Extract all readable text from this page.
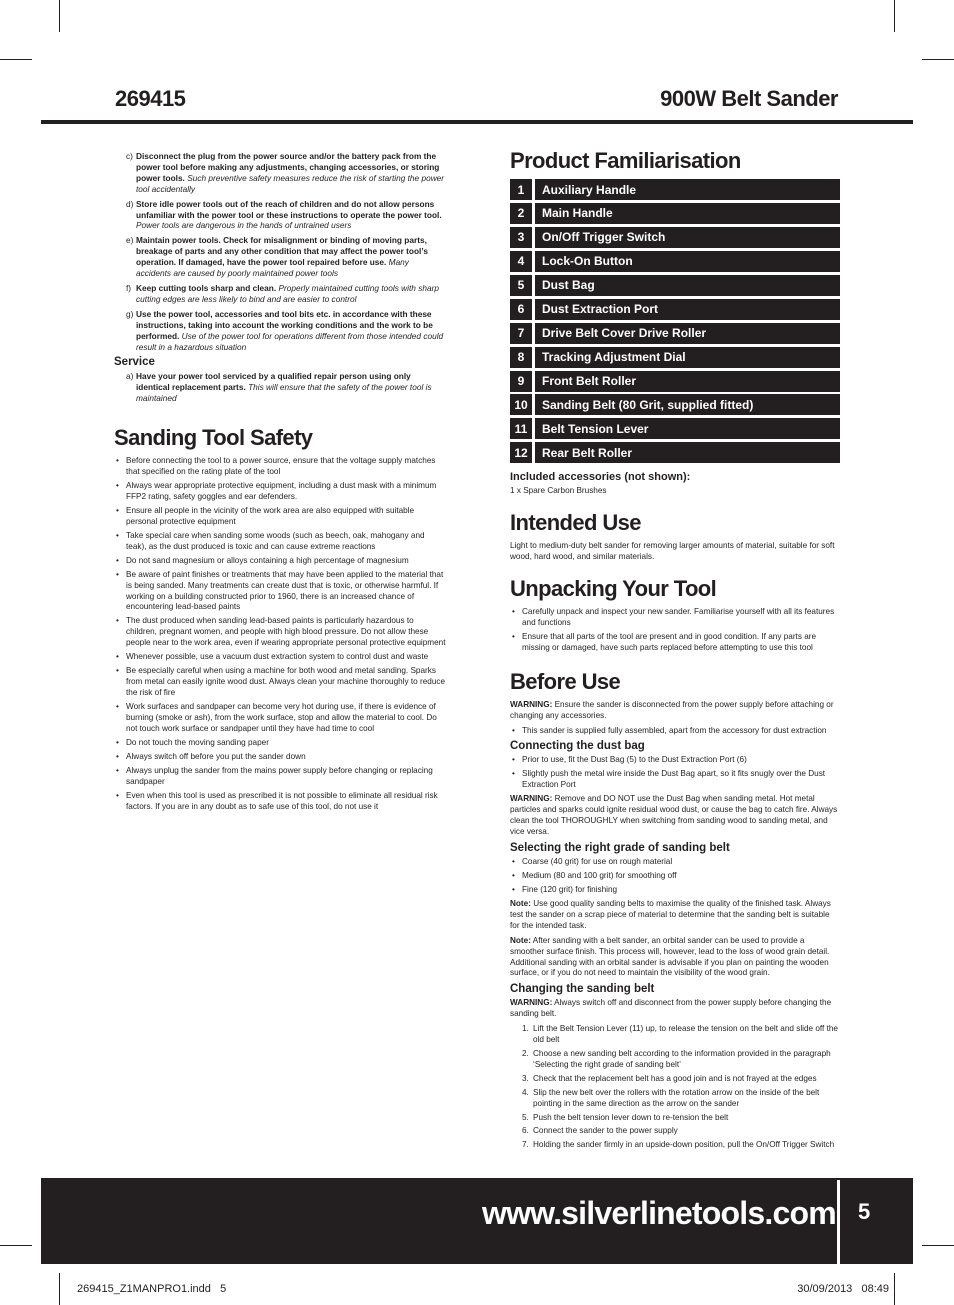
269415	900W Belt Sander
c) Disconnect the plug from the power source and/or the battery pack from the power tool before making any adjustments, changing accessories, or storing power tools. Such preventive safety measures reduce the risk of starting the power tool accidentally
d) Store idle power tools out of the reach of children and do not allow persons unfamiliar with the power tool or these instructions to operate the power tool. Power tools are dangerous in the hands of untrained users
e) Maintain power tools. Check for misalignment or binding of moving parts, breakage of parts and any other condition that may affect the power tool’s operation. If damaged, have the power tool repaired before use. Many accidents are caused by poorly maintained power tools
f) Keep cutting tools sharp and clean. Properly maintained cutting tools with sharp cutting edges are less likely to bind and are easier to control
g) Use the power tool, accessories and tool bits etc. in accordance with these instructions, taking into account the working conditions and the work to be performed. Use of the power tool for operations different from those intended could result in a hazardous situation
Service
a) Have your power tool serviced by a qualified repair person using only identical replacement parts. This will ensure that the safety of the power tool is maintained
Sanding Tool Safety
• Before connecting the tool to a power source, ensure that the voltage supply matches that specified on the rating plate of the tool
• Always wear appropriate protective equipment, including a dust mask with a minimum FFP2 rating, safety goggles and ear defenders.
• Ensure all people in the vicinity of the work area are also equipped with suitable personal protective equipment
• Take special care when sanding some woods (such as beech, oak, mahogany and teak), as the dust produced is toxic and can cause extreme reactions
• Do not sand magnesium or alloys containing a high percentage of magnesium
• Be aware of paint finishes or treatments that may have been applied to the material that is being sanded. Many treatments can create dust that is toxic, or otherwise harmful. If working on a building constructed prior to 1960, there is an increased chance of encountering lead-based paints
• The dust produced when sanding lead-based paints is particularly hazardous to children, pregnant women, and people with high blood pressure. Do not allow these people near to the work area, even if wearing appropriate personal protective equipment
• Whenever possible, use a vacuum dust extraction system to control dust and waste
• Be especially careful when using a machine for both wood and metal sanding. Sparks from metal can easily ignite wood dust. Always clean your machine thoroughly to reduce the risk of fire
• Work surfaces and sandpaper can become very hot during use, if there is evidence of burning (smoke or ash), from the work surface, stop and allow the material to cool. Do not touch work surface or sandpaper until they have had time to cool
• Do not touch the moving sanding paper
• Always switch off before you put the sander down
• Always unplug the sander from the mains power supply before changing or replacing sandpaper
• Even when this tool is used as prescribed it is not possible to eliminate all residual risk factors. If you are in any doubt as to safe use of this tool, do not use it
Product Familiarisation
1	Auxiliary Handle
2	Main Handle
3	On/Off Trigger Switch
4	Lock-On Button
5	Dust Bag
6	Dust Extraction Port
7	Drive Belt Cover Drive Roller
8	Tracking Adjustment Dial
9	Front Belt Roller
10	Sanding Belt (80 Grit, supplied fitted)
11	Belt Tension Lever
12	Rear Belt Roller
Included accessories (not shown):
1 x Spare Carbon Brushes
Intended Use
Light to medium-duty belt sander for removing larger amounts of material, suitable for soft wood, hard wood, and similar materials.
Unpacking Your Tool
• Carefully unpack and inspect your new sander. Familiarise yourself with all its features and functions
• Ensure that all parts of the tool are present and in good condition. If any parts are missing or damaged, have such parts replaced before attempting to use this tool
Before Use
WARNING: Ensure the sander is disconnected from the power supply before attaching or changing any accessories.
• This sander is supplied fully assembled, apart from the accessory for dust extraction
Connecting the dust bag
• Prior to use, fit the Dust Bag (5) to the Dust Extraction Port (6)
• Slightly push the metal wire inside the Dust Bag apart, so it fits snugly over the Dust Extraction Port
WARNING: Remove and DO NOT use the Dust Bag when sanding metal. Hot metal particles and sparks could ignite residual wood dust, or cause the bag to catch fire. Always clean the tool THOROUGHLY when switching from sanding wood to sanding metal, and vice versa.
Selecting the right grade of sanding belt
• Coarse (40 grit) for use on rough material
• Medium (80 and 100 grit) for smoothing off
• Fine (120 grit) for finishing
Note: Use good quality sanding belts to maximise the quality of the finished task. Always test the sander on a scrap piece of material to determine that the sanding belt is suitable for the intended task.
Note: After sanding with a belt sander, an orbital sander can be used to provide a smoother surface finish. This process will, however, lead to the loss of wood grain detail. Additional sanding with an orbital sander is advisable if you plan on painting the wooden surface, or if you do not need to maintain the visibility of the wood grain.
Changing the sanding belt
WARNING: Always switch off and disconnect from the power supply before changing the sanding belt.
1. Lift the Belt Tension Lever (11) up, to release the tension on the belt and slide off the old belt
2. Choose a new sanding belt according to the information provided in the paragraph ‘Selecting the right grade of sanding belt’
3. Check that the replacement belt has a good join and is not frayed at the edges
4. Slip the new belt over the rollers with the rotation arrow on the inside of the belt pointing in the same direction as the arrow on the sander
5. Push the belt tension lever down to re-tension the belt
6. Connect the sander to the power supply
7. Holding the sander firmly in an upside-down position, pull the On/Off Trigger Switch
www.silverlinetools.com 5
269415_Z1MANPRO1.indd   5	30/09/2013   08:49
